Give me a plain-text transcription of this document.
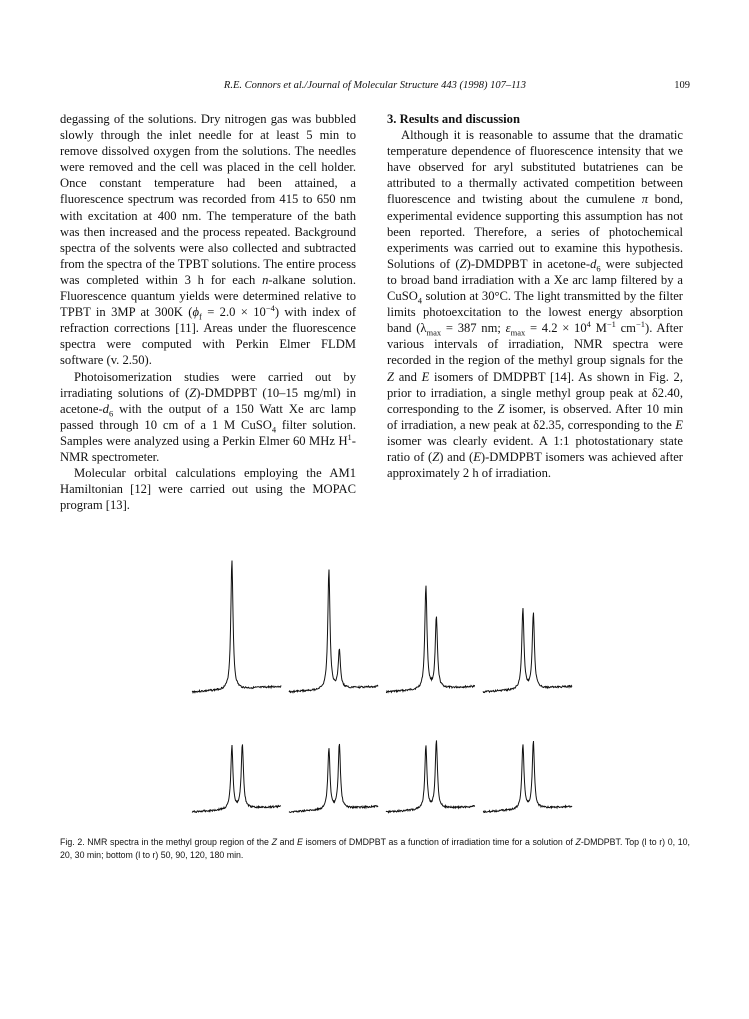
R.E. Connors et al./Journal of Molecular Structure 443 (1998) 107–113	109

degassing of the solutions. Dry nitrogen gas was bubbled slowly through the inlet needle for at least 5 min to remove dissolved oxygen from the solutions. The needles were removed and the cell was placed in the cell holder. Once constant temperature had been attained, a fluorescence spectrum was recorded from 415 to 650 nm with excitation at 400 nm. The temperature of the bath was then increased and the process repeated. Background spectra of the solvents were also collected and subtracted from the spectra of the TPBT solutions. The entire process was completed within 3 h for each n-alkane solution. Fluorescence quantum yields were determined relative to TPBT in 3MP at 300K $(\phi_f = 2.0 \times 10^{-4})$ with index of refraction corrections [11]. Areas under the fluorescence spectra were computed with Perkin Elmer FLDM software (v. 2.50).

Photoisomerization studies were carried out by irradiating solutions of (Z)-DMDPBT (10–15 mg/ml) in acetone-$d_6$ with the output of a 150 Watt Xe arc lamp passed through 10 cm of a 1 M CuSO$_4$ filter solution. Samples were analyzed using a Perkin Elmer 60 MHz $H^1$-NMR spectrometer.

Molecular orbital calculations employing the AM1 Hamiltonian [12] were carried out using the MOPAC program [13].

3. Results and discussion

Although it is reasonable to assume that the dramatic temperature dependence of fluorescence intensity that we have observed for aryl substituted butatrienes can be attributed to a thermally activated competition between fluorescence and twisting about the cumulene π bond, experimental evidence supporting this assumption has not been reported. Therefore, a series of photochemical experiments was carried out to examine this hypothesis. Solutions of (Z)-DMDPBT in acetone-$d_6$ were subjected to broad band irradiation with a Xe arc lamp filtered by a CuSO$_4$ solution at 30°C. The light transmitted by the filter limits photoexcitation to the lowest energy absorption band ($\lambda_{max} = 387$ nm; $\varepsilon_{max} = 4.2 \times 10^4$ $M^{-1}$ $cm^{-1}$). After various intervals of irradiation, NMR spectra were recorded in the region of the methyl group signals for the Z and E isomers of DMDPBT [14]. As shown in Fig. 2, prior to irradiation, a single methyl group peak at δ2.40, corresponding to the Z isomer, is observed. After 10 min of irradiation, a new peak at δ2.35, corresponding to the E isomer was clearly evident. A 1:1 photostationary state ratio of (Z) and (E)-DMDPBT isomers was achieved after approximately 2 h of irradiation.

Fig. 2. NMR spectra in the methyl group region of the Z and E isomers of DMDPBT as a function of irradiation time for a solution of Z-DMDPBT. Top (l to r) 0, 10, 20, 30 min; bottom (l to r) 50, 90, 120, 180 min.
